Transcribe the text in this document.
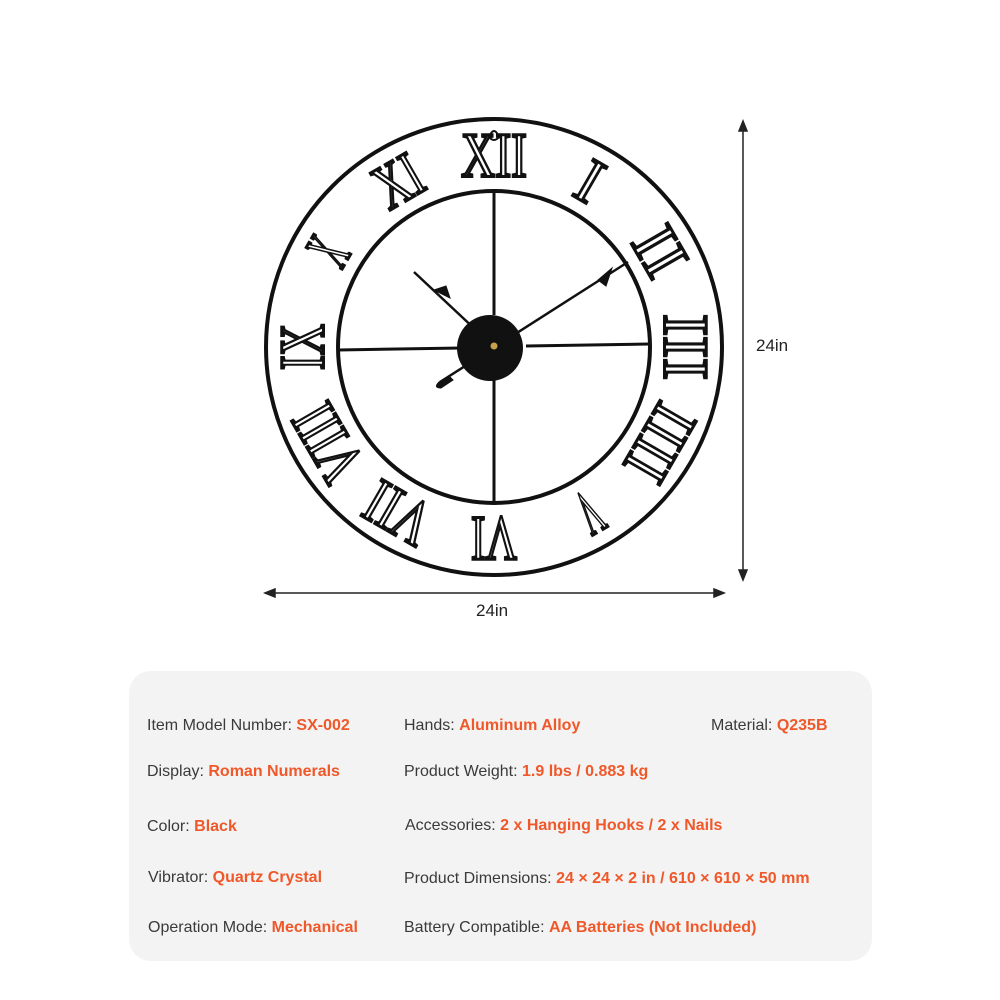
XII I
II
III
IIII
V
VI
VII
VIII
IX
X
XI
24in
24in
Item Model Number: SX-002	Hands: Aluminum Alloy	Material: Q235B
Display: Roman Numerals	Product Weight: 1.9 lbs / 0.883 kg
Color: Black	Accessories: 2 x Hanging Hooks / 2 x Nails
Vibrator: Quartz Crystal	Product Dimensions: 24 × 24 × 2 in / 610 × 610 × 50 mm
Operation Mode: Mechanical	Battery Compatible: AA Batteries (Not Included)
